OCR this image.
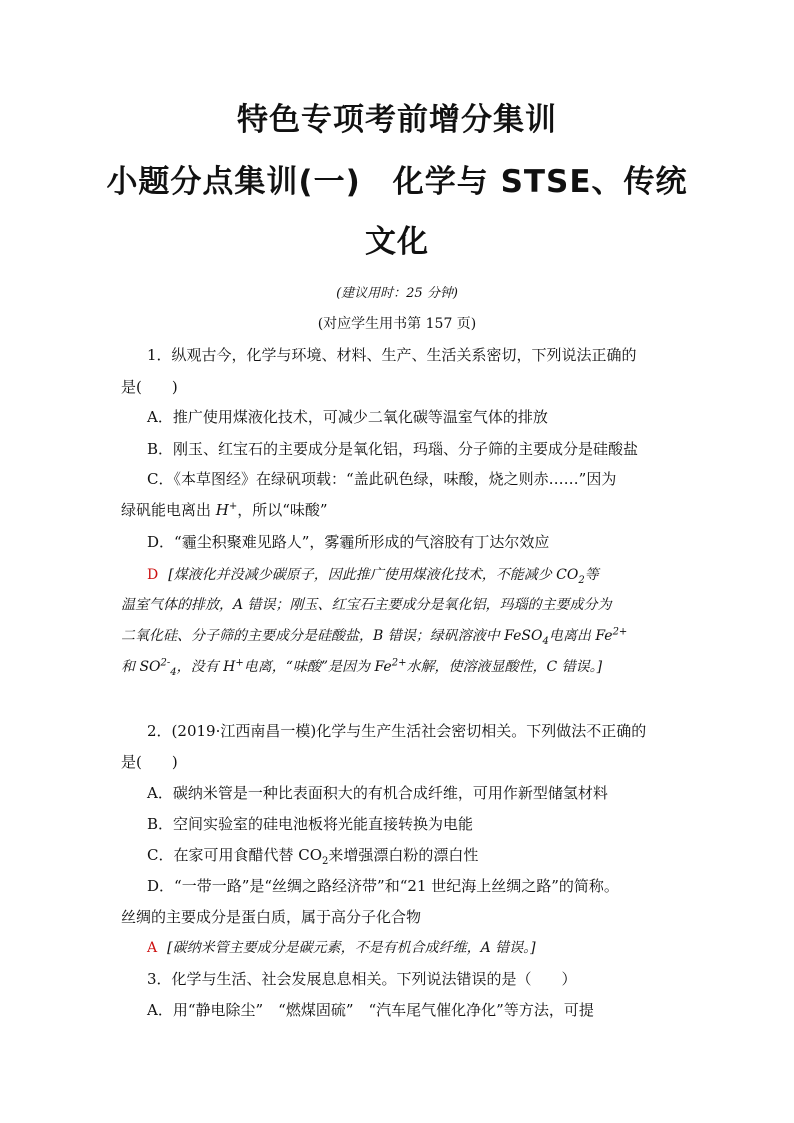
特色专项考前增分集训
小题分点集训(一)　化学与 STSE、传统
文化
(建议用时：25 分钟)
(对应学生用书第 157 页)
1．纵观古今，化学与环境、材料、生产、生活关系密切，下列说法正确的
是(　　)
A．推广使用煤液化技术，可减少二氧化碳等温室气体的排放
B．刚玉、红宝石的主要成分是氧化铝，玛瑙、分子筛的主要成分是硅酸盐
C．《本草图经》在绿矾项载：“盖此矾色绿，味酸，烧之则赤……”因为
绿矾能电离出 H+，所以“味酸”
D．“霾尘积聚难见路人”，雾霾所形成的气溶胶有丁达尔效应
D [煤液化并没减少碳原子，因此推广使用煤液化技术，不能减少 $CO_2$等
温室气体的排放，A 错误；刚玉、红宝石主要成分是氧化铝，玛瑙的主要成分为
二氧化硅、分子筛的主要成分是硅酸盐，B 错误；绿矾溶液中 FeSO$_4$电离出 $Fe^{2+}$
和 $SO^{2-}_4$，没有 H+电离，“味酸”是因为 $Fe^{2+}$水解，使溶液显酸性，C 错误。]
2．(2019·江西南昌一模)化学与生产生活社会密切相关。下列做法不正确的
是(　　)
A．碳纳米管是一种比表面积大的有机合成纤维，可用作新型储氢材料
B．空间实验室的硅电池板将光能直接转换为电能
C．在家可用食醋代替 $CO_2$来增强漂白粉的漂白性
D．“一带一路”是“丝绸之路经济带”和“21 世纪海上丝绸之路”的简称。
丝绸的主要成分是蛋白质，属于高分子化合物
A [碳纳米管主要成分是碳元素，不是有机合成纤维，A 错误。]
3．化学与生活、社会发展息息相关。下列说法错误的是（　　）
A．用“静电除尘”　“燃煤固硫”　“汽车尾气催化净化”等方法，可提
